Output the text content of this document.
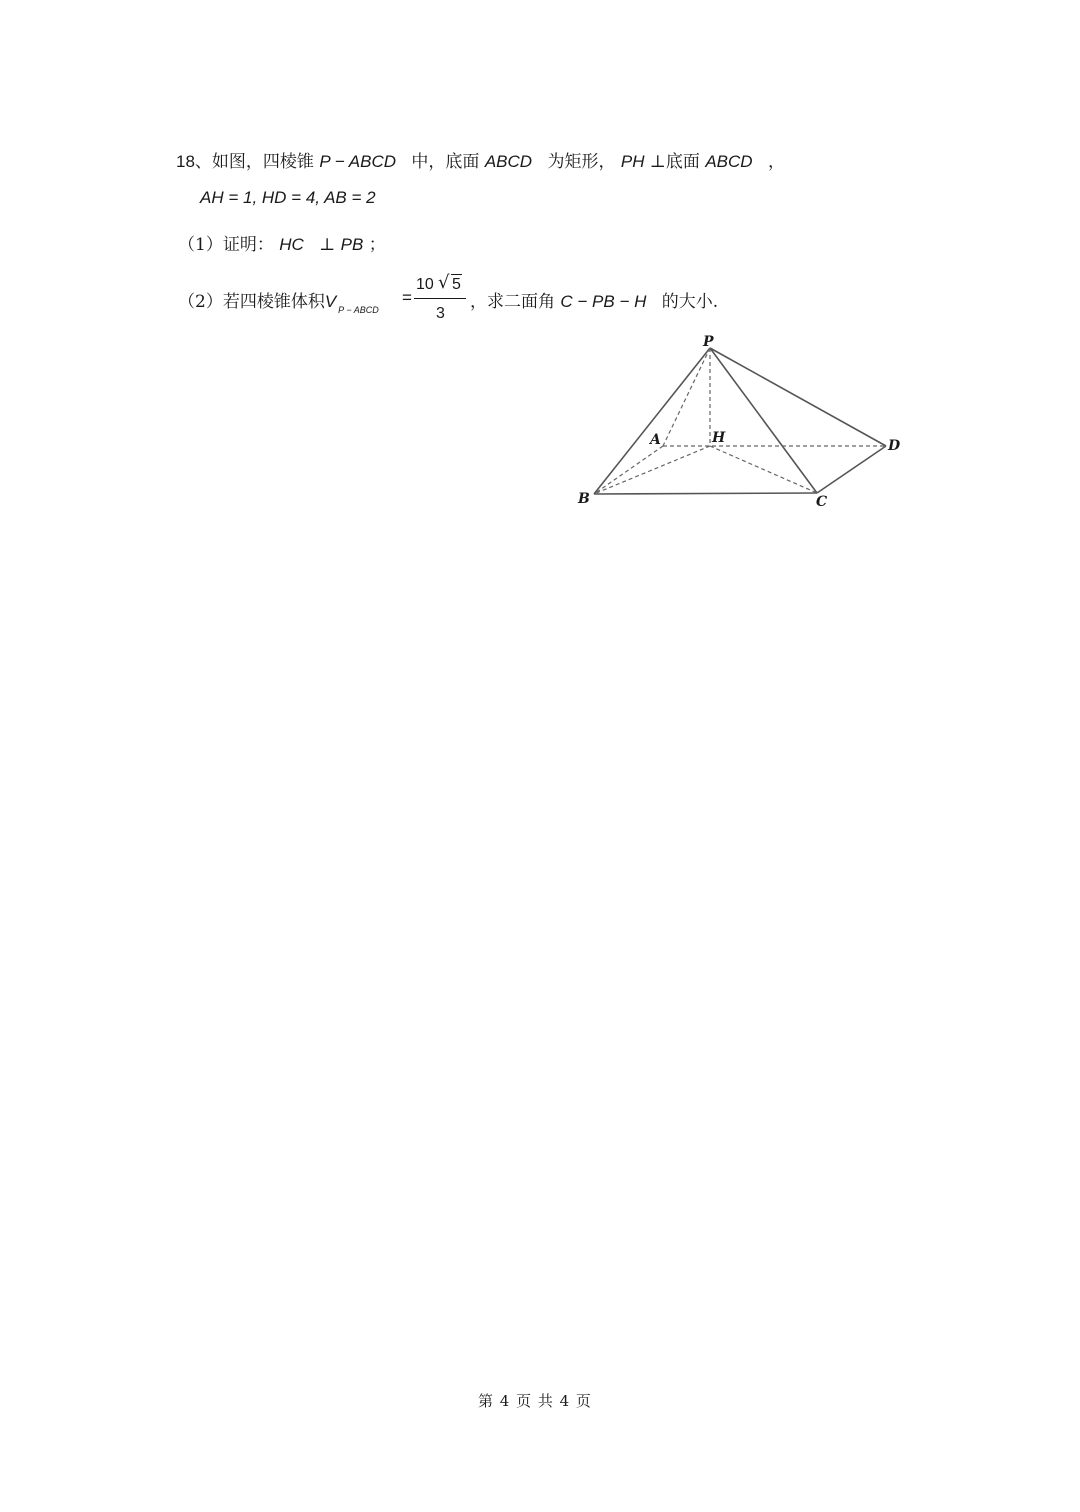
18、如图，四棱锥 P − ABCD 中，底面 ABCD 为矩形， PH ⊥底面 ABCD ，
AH = 1, HD = 4, AB = 2
（1）证明： HC ⊥ PB ；
（2）若四棱锥体积V $_{P - ABCD}$
=
10 √ 5
3
，求二面角 C − PB − H 的大小.
P
A	H	D
B	C
第 4 页 共 4 页
